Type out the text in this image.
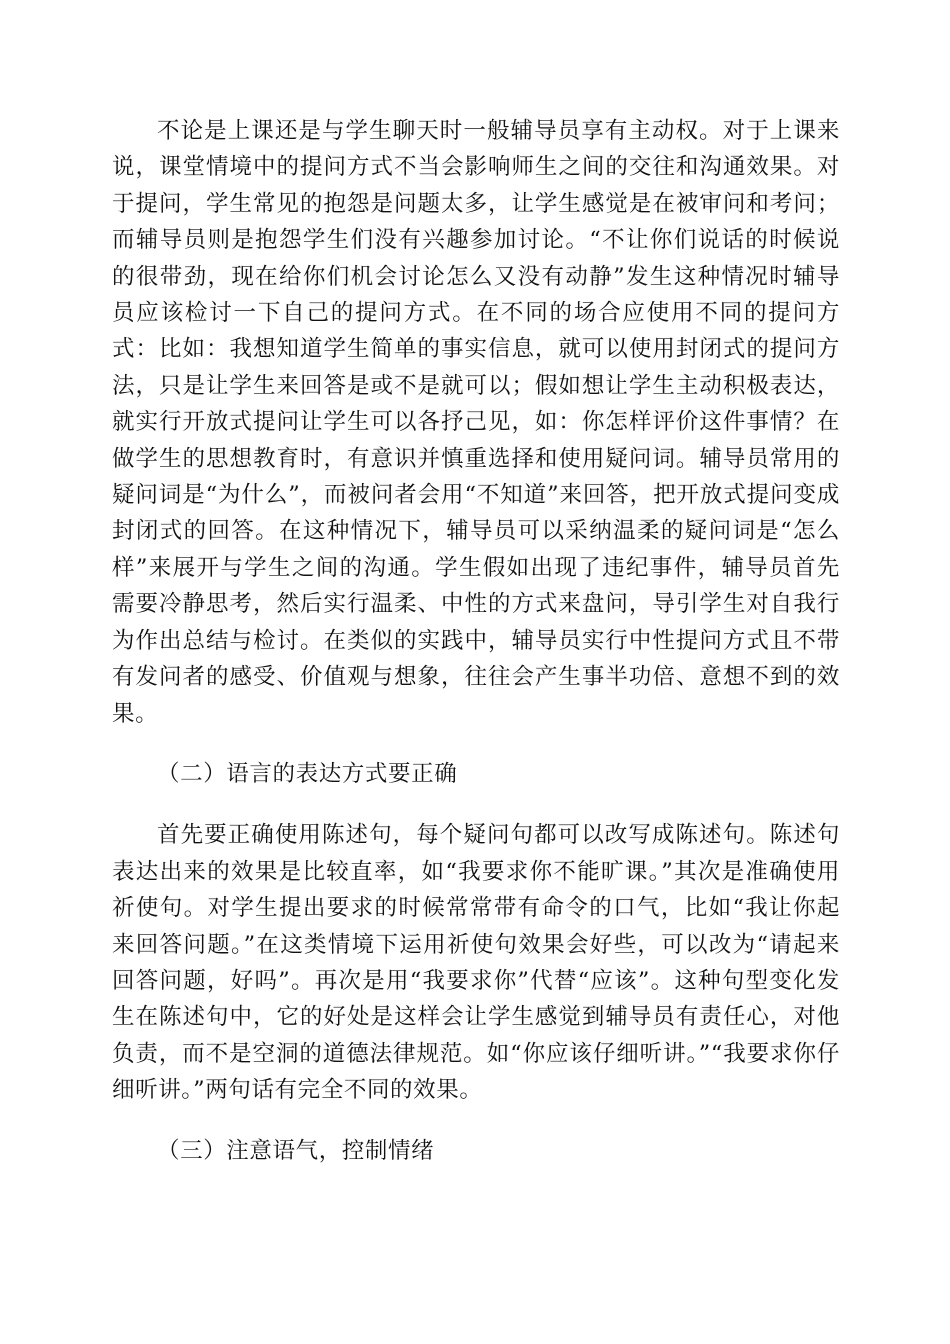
不论是上课还是与学生聊天时一般辅导员享有主动权。对于上课来说，课堂情境中的提问方式不当会影响师生之间的交往和沟通效果。对于提问，学生常见的抱怨是问题太多，让学生感觉是在被审问和考问；而辅导员则是抱怨学生们没有兴趣参加讨论。“不让你们说话的时候说的很带劲，现在给你们机会讨论怎么又没有动静”发生这种情况时辅导员应该检讨一下自己的提问方式。在不同的场合应使用不同的提问方式：比如：我想知道学生简单的事实信息，就可以使用封闭式的提问方法，只是让学生来回答是或不是就可以；假如想让学生主动积极表达，就实行开放式提问让学生可以各抒己见，如：你怎样评价这件事情？在做学生的思想教育时，有意识并慎重选择和使用疑问词。辅导员常用的疑问词是“为什么”，而被问者会用“不知道”来回答，把开放式提问变成封闭式的回答。在这种情况下，辅导员可以采纳温柔的疑问词是“怎么样”来展开与学生之间的沟通。学生假如出现了违纪事件，辅导员首先需要冷静思考，然后实行温柔、中性的方式来盘问，导引学生对自我行为作出总结与检讨。在类似的实践中，辅导员实行中性提问方式且不带有发问者的感受、价值观与想象，往往会产生事半功倍、意想不到的效果。

（二）语言的表达方式要正确

首先要正确使用陈述句，每个疑问句都可以改写成陈述句。陈述句表达出来的效果是比较直率，如“我要求你不能旷课。”其次是准确使用祈使句。对学生提出要求的时候常常带有命令的口气，比如“我让你起来回答问题。”在这类情境下运用祈使句效果会好些，可以改为“请起来回答问题，好吗”。再次是用“我要求你”代替“应该”。这种句型变化发生在陈述句中，它的好处是这样会让学生感觉到辅导员有责任心，对他负责，而不是空洞的道德法律规范。如“你应该仔细听讲。”“我要求你仔细听讲。”两句话有完全不同的效果。

（三）注意语气，控制情绪
